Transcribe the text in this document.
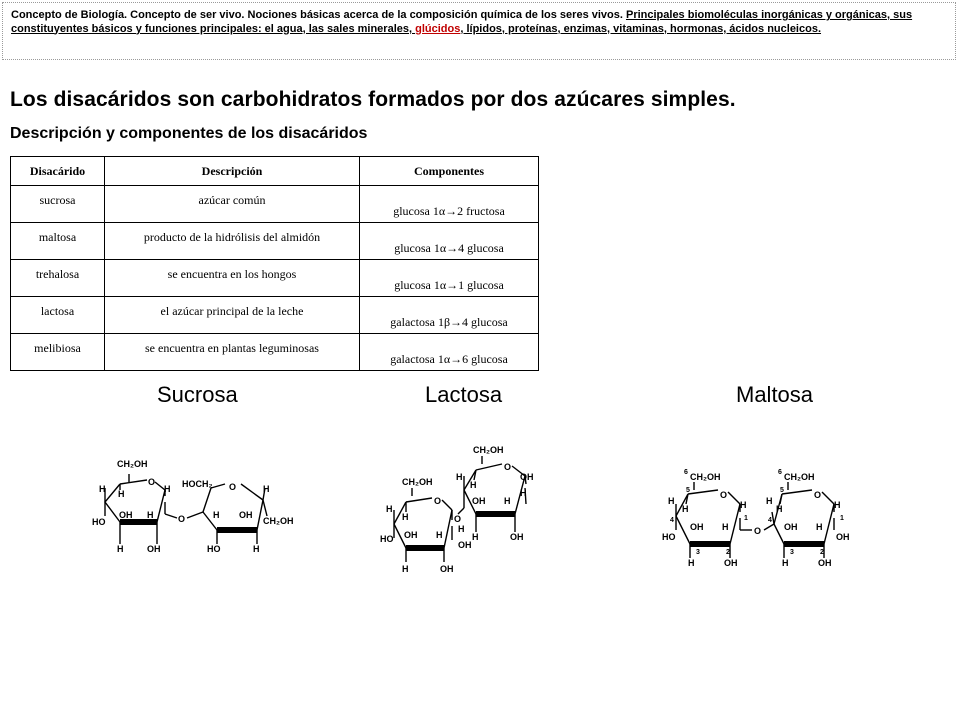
Concepto de Biología. Concepto de ser vivo. Nociones básicas acerca de la composición química de los seres vivos. Principales biomoléculas inorgánicas y orgánicas, sus constituyentes básicos y funciones principales: el agua, las sales minerales, glúcidos, lípidos, proteínas, enzimas, vitaminas, hormonas, ácidos nucleicos.
Los disacáridos son carbohidratos formados por dos azúcares simples.
Descripción y componentes de los disacáridos
Disacárido	Descripción	Componentes
sucrosa	azúcar común	glucosa 1α→2 fructosa
maltosa	producto de la hidrólisis del almidón	glucosa 1α→4 glucosa
trehalosa	se encuentra en los hongos	glucosa 1α→1 glucosa
lactosa	el azúcar principal de la leche	galactosa 1β→4 glucosa
melibiosa	se encuentra en plantas leguminosas	galactosa 1α→6 glucosa
Sucrosa	Lactosa	Maltosa
CH₂OH
O
H H	H
HO
OH H
H	OH
O
HOCH₂ O	H
H OH
CH₂OH
HO	H
CH₂OH
O
H
H
OH
H
OH H
H	OH
O
CH₂OH
O
H
H
HO OH H
H
OH
H	OH
6 CH₂OH
O
5
H
H	H
4	1
HO
OH H
3	2
H	OH
O
6 CH₂OH
O
5
H
H	H
4	1
OH H
OH
3	2
H	OH
